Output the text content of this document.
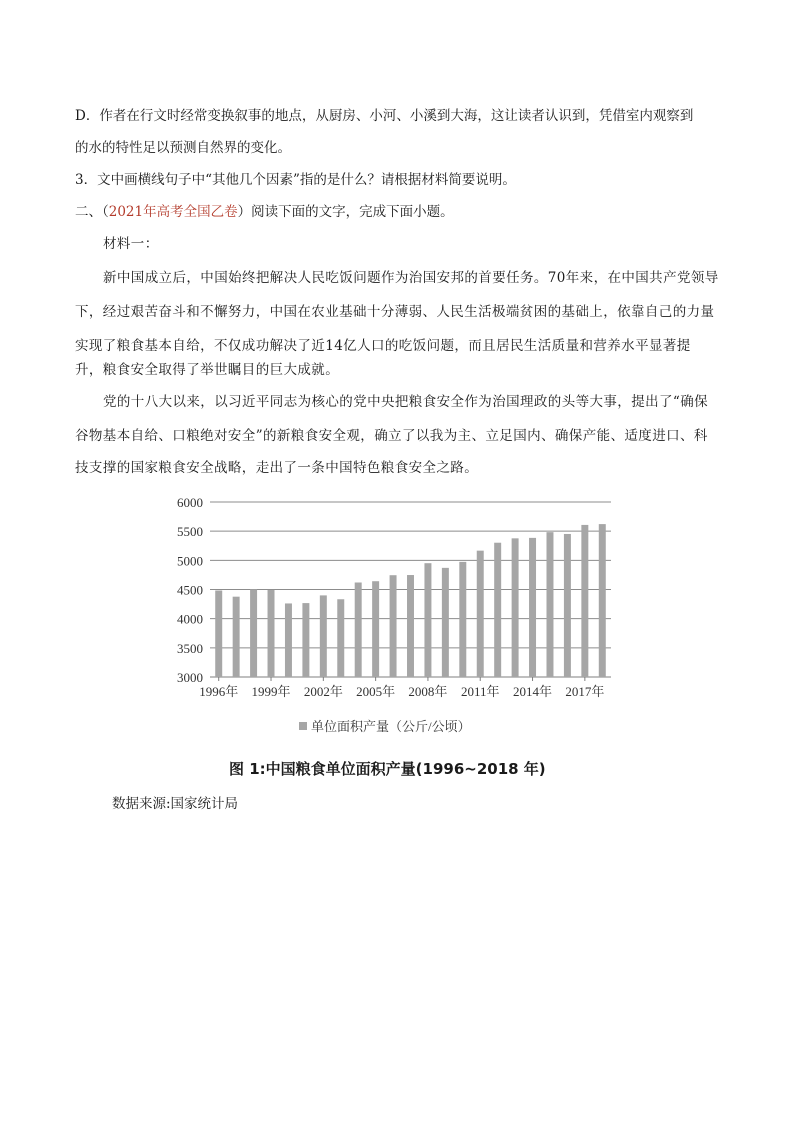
D．作者在行文时经常变换叙事的地点，从厨房、小河、小溪到大海，这让读者认识到，凭借室内观察到
的水的特性足以预测自然界的变化。
3．文中画横线句子中“其他几个因素”指的是什么？请根据材料简要说明。
二、（2021年高考全国乙卷）阅读下面的文字，完成下面小题。
材料一：
新中国成立后，中国始终把解决人民吃饭问题作为治国安邦的首要任务。70年来，在中国共产党领导
下，经过艰苦奋斗和不懈努力，中国在农业基础十分薄弱、人民生活极端贫困的基础上，依靠自己的力量
实现了粮食基本自给，不仅成功解决了近14亿人口的吃饭问题，而且居民生活质量和营养水平显著提
升，粮食安全取得了举世瞩目的巨大成就。
党的十八大以来，以习近平同志为核心的党中央把粮食安全作为治国理政的头等大事，提出了“确保
谷物基本自给、口粮绝对安全”的新粮食安全观，确立了以我为主、立足国内、确保产能、适度进口、科
技支撑的国家粮食安全战略，走出了一条中国特色粮食安全之路。
3000
3500
4000
4500
5000
5500
6000
1996年 1999年 2002年 2005年 2008年 2011年 2014年 2017年
单位面积产量（公斤/公顷）
图 1:中国粮食单位面积产量(1996~2018 年)
数据来源:国家统计局
